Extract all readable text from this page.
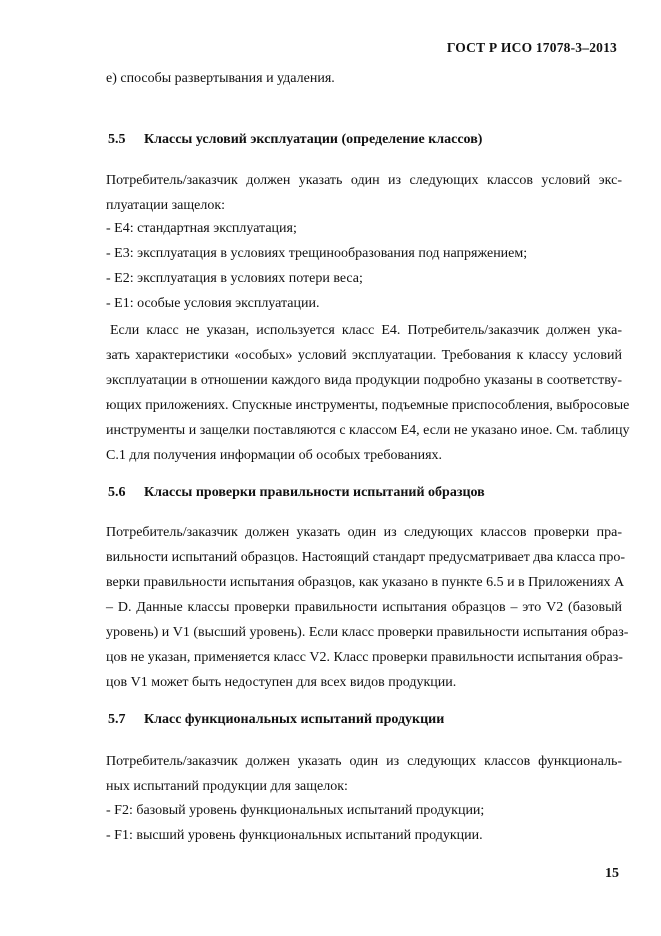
ГОСТ Р ИСО 17078-3–2013
е) способы развертывания и удаления.
5.5 Классы условий эксплуатации (определение классов)
Потребитель/заказчик должен указать один из следующих классов условий экс-
плуатации защелок:
- Е4: стандартная эксплуатация;
- Е3: эксплуатация в условиях трещинообразования под напряжением;
- Е2: эксплуатация в условиях потери веса;
- Е1: особые условия эксплуатации.
Если класс не указан, используется класс Е4. Потребитель/заказчик должен ука-
зать характеристики «особых» условий эксплуатации. Требования к классу условий
эксплуатации в отношении каждого вида продукции подробно указаны в соответству-
ющих приложениях. Спускные инструменты, подъемные приспособления, выбросовые
инструменты и защелки поставляются с классом Е4, если не указано иное. См. таблицу
С.1 для получения информации об особых требованиях.
5.6 Классы проверки правильности испытаний образцов
Потребитель/заказчик должен указать один из следующих классов проверки пра-
вильности испытаний образцов. Настоящий стандарт предусматривает два класса про-
верки правильности испытания образцов, как указано в пункте 6.5 и в Приложениях А
– D. Данные классы проверки правильности испытания образцов – это V2 (базовый
уровень) и V1 (высший уровень). Если класс проверки правильности испытания образ-
цов не указан, применяется класс V2. Класс проверки правильности испытания образ-
цов V1 может быть недоступен для всех видов продукции.
5.7 Класс функциональных испытаний продукции
Потребитель/заказчик должен указать один из следующих классов функциональ-
ных испытаний продукции для защелок:
- F2: базовый уровень функциональных испытаний продукции;
- F1: высший уровень функциональных испытаний продукции.
15
